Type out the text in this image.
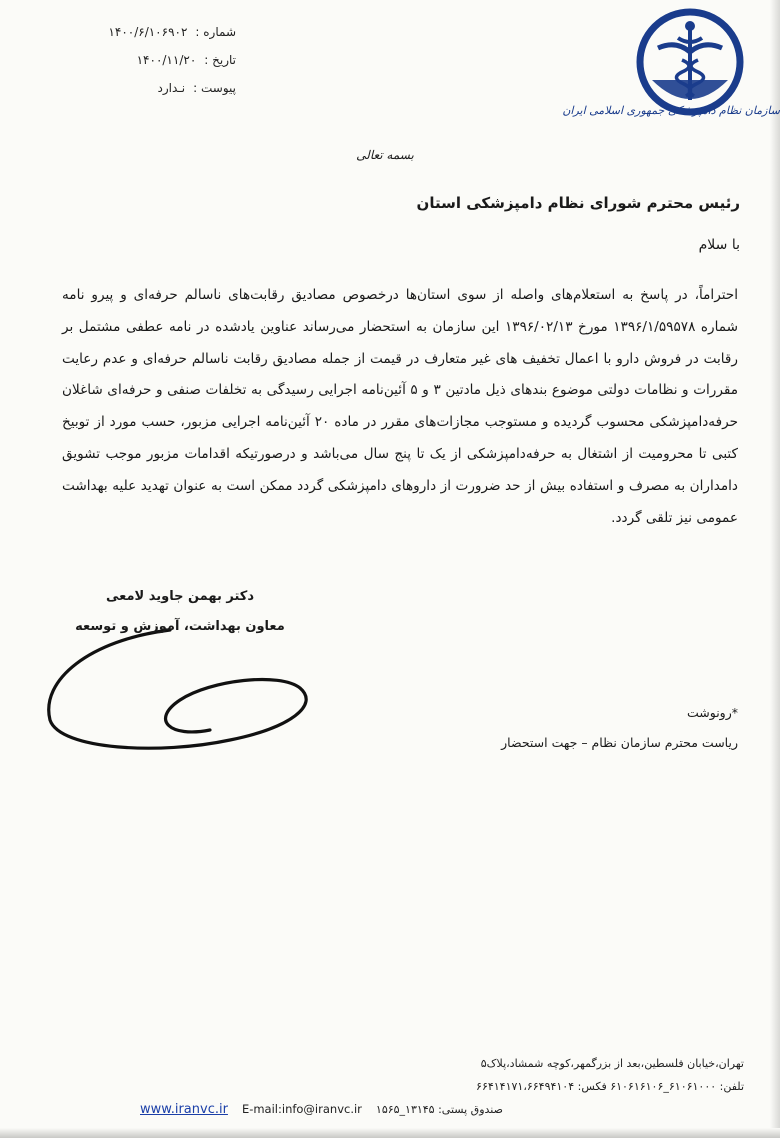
سازمان نظام دامپزشکی جمهوری اسلامی ایران
شماره :
۱۴۰۰/۶/۱۰۶۹۰۲
تاریخ :
۱۴۰۰/۱۱/۲۰
پیوست :
نـدارد
بسمه تعالی
رئیس محترم شورای نظام دامپزشکی استان
با سلام
احتراماً، در پاسخ به استعلام‌های واصله از سوی استان‌ها درخصوص مصادیق رقابت‌های ناسالم حرفه‌ای و پیرو نامه شماره ۱۳۹۶/۱/۵۹۵۷۸ مورخ ۱۳۹۶/۰۲/۱۳ این سازمان به استحضار می‌رساند عناوین یادشده در نامه عطفی مشتمل بر رقابت در فروش دارو با اعمال تخفیف های غیر متعارف در قیمت از جمله مصادیق رقابت ناسالم حرفه‌ای و عدم رعایت مقررات و نظامات دولتی موضوع بندهای ذیل مادتین ۳ و ۵ آئین‌نامه اجرایی رسیدگی به تخلفات صنفی و حرفه‌ای شاغلان حرفه‌دامپزشکی محسوب گردیده و مستوجب مجازات‌های مقرر در ماده ۲۰ آئین‌نامه اجرایی مزبور، حسب مورد از توبیخ کتبی تا محرومیت از اشتغال به حرفه‌دامپزشکی از یک تا پنج سال می‌باشد و درصورتیکه اقدامات مزبور موجب تشویق دامداران به مصرف و استفاده بیش از حد ضرورت از داروهای دامپزشکی گردد ممکن است به عنوان تهدید علیه بهداشت عمومی نیز تلقی گردد.
دکتر بهمن جاوید لامعی
معاون بهداشت، آموزش و توسعه
*رونوشت
ریاست محترم سازمان نظام – جهت استحضار
تهران،خیابان فلسطین،بعد از بزرگمهر،کوچه شمشاد،پلاک۵
تلفن: ۶۱۰۶۱۰۰۰_۶۱۰۶۱۶۱۰۶ فکس: ۶۶۴۱۴۱۷۱،۶۶۴۹۴۱۰۴
صندوق پستی: ۱۳۱۴۵_۱۵۶۵
E-mail:info@iranvc.ir
www.iranvc.ir
